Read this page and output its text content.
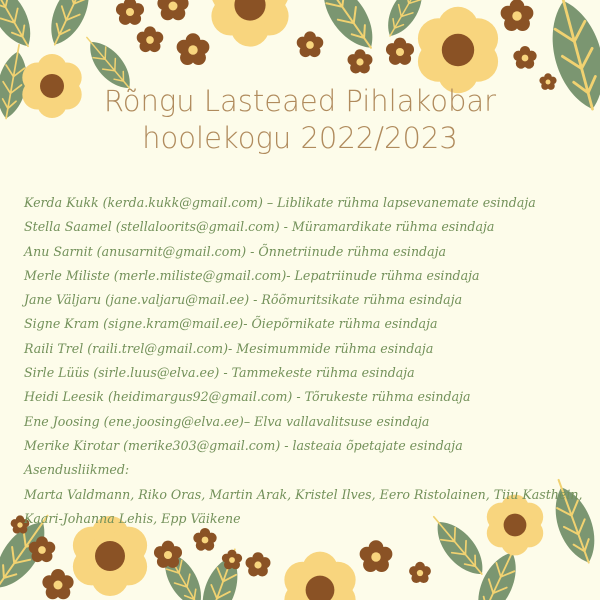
Rõngu Lasteaed Pihlakobar
hoolekogu 2022/2023
Kerda Kukk (kerda.kukk@gmail.com) – Liblikate rühma lapsevanemate esindaja
Stella Saamel (stellaloorits@gmail.com) - Müramardikate rühma esindaja
Anu Sarnit (anusarnit@gmail.com) - Õnnetriinude rühma esindaja
Merle Miliste (merle.miliste@gmail.com)- Lepatriinude rühma esindaja
Jane Väljaru (jane.valjaru@mail.ee) - Rõõmuritsikate rühma esindaja
Signe Kram (signe.kram@mail.ee)- Õiepõrnikate rühma esindaja
Raili Trel (raili.trel@gmail.com)- Mesimummide rühma esindaja
Sirle Lüüs (sirle.luus@elva.ee) - Tammekeste rühma esindaja
Heidi Leesik (heidimargus92@gmail.com) - Tõrukeste rühma esindaja
Ene Joosing (ene.joosing@elva.ee)– Elva vallavalitsuse esindaja
Merike Kirotar (merike303@gmail.com) - lasteaia õpetajate esindaja
Asendusliikmed:
Marta Valdmann, Riko Oras, Martin Arak, Kristel Ilves, Eero Ristolainen, Tiiu Kasthein, Kaari-Johanna Lehis, Epp Väikene
